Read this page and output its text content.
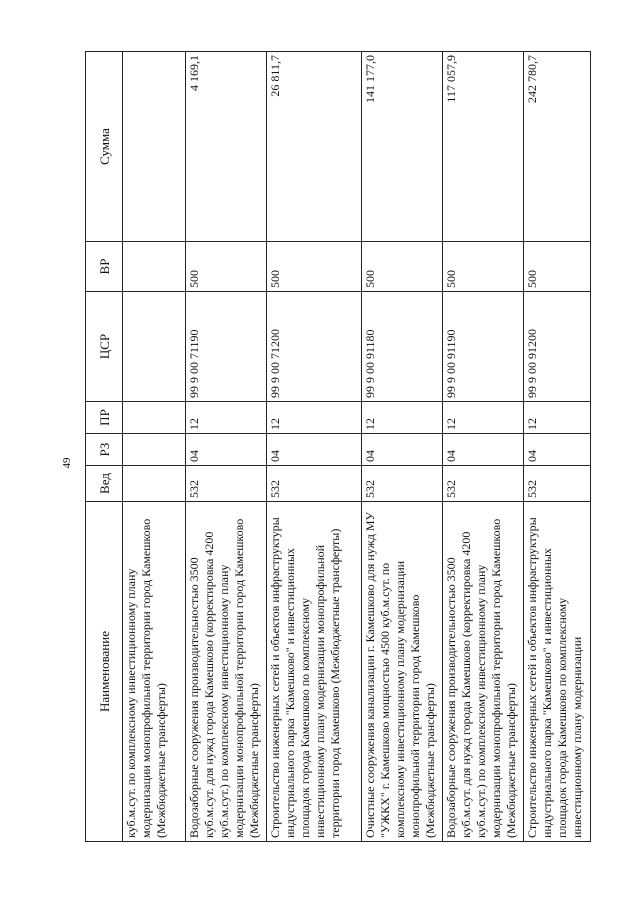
49
Наименование	Вед	РЗ	ПР	ЦСР	ВР	Сумма
куб.м.сут. по комплексному инвестиционному плану модернизации монопрофильной территории город Камешково (Межбюджетные трансферты)						
Водозаборные сооружения производительностью 3500 куб.м.сут. для нужд города Камешково (корректировка 4200 куб.м.сут.) по комплексному инвестиционному плану модернизации монопрофильной территории город Камешково (Межбюджетные трансферты)	532	04	12	99 9 00 71190	500	4 169,1
Строительство инженерных сетей и объектов инфраструктуры индустриального парка "Камешково" и инвестиционных площадок города Камешково по комплексному инвестиционному плану модернизации монопрофильной территории город Камешково (Межбюджетные трансферты)	532	04	12	99 9 00 71200	500	26 811,7
Очистные сооружения канализации г. Камешково для нужд МУ "УЖКХ" г. Камешково мощностью 4500 куб.м.сут. по комплексному инвестиционному плану модернизации монопрофильной территории город Камешково (Межбюджетные трансферты)	532	04	12	99 9 00 91180	500	141 177,0
Водозаборные сооружения производительностью 3500 куб.м.сут. для нужд города Камешково (корректировка 4200 куб.м.сут.) по комплексному инвестиционному плану модернизации монопрофильной территории город Камешково (Межбюджетные трансферты)	532	04	12	99 9 00 91190	500	117 057,9
Строительство инженерных сетей и объектов инфраструктуры индустриального парка "Камешково" и инвестиционных площадок города Камешково по комплексному инвестиционному плану модернизации	532	04	12	99 9 00 91200	500	242 780,7
